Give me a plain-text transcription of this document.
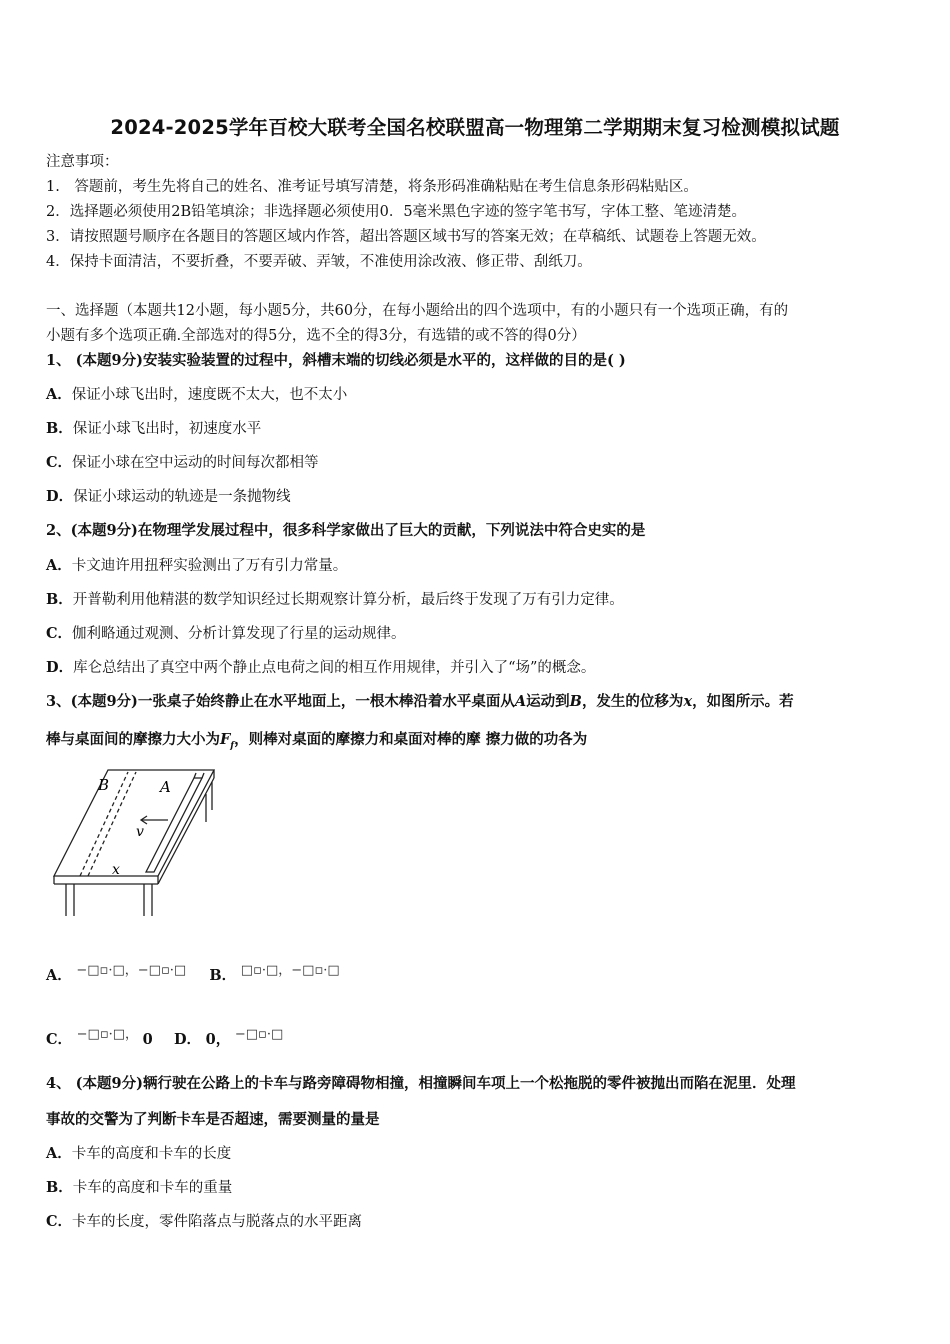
2024-2025学年百校大联考全国名校联盟高一物理第二学期期末复习检测模拟试题
注意事项：
1.　答题前，考生先将自己的姓名、准考证号填写清楚，将条形码准确粘贴在考生信息条形码粘贴区。
2．选择题必须使用2B铅笔填涂；非选择题必须使用0．5毫米黑色字迹的签字笔书写，字体工整、笔迹清楚。
3．请按照题号顺序在各题目的答题区域内作答，超出答题区域书写的答案无效；在草稿纸、试题卷上答题无效。
4．保持卡面清洁，不要折叠，不要弄破、弄皱，不准使用涂改液、修正带、刮纸刀。
一、选择题（本题共12小题，每小题5分，共60分，在每小题给出的四个选项中，有的小题只有一个选项正确，有的
小题有多个选项正确.全部选对的得5分，选不全的得3分，有选错的或不答的得0分）
1、 (本题9分)安装实验装置的过程中，斜槽末端的切线必须是水平的，这样做的目的是( )
A．保证小球飞出时，速度既不太大，也不太小
B．保证小球飞出时，初速度水平
C．保证小球在空中运动的时间每次都相等
D．保证小球运动的轨迹是一条抛物线
2、(本题9分)在物理学发展过程中，很多科学家做出了巨大的贡献，下列说法中符合史实的是
A．卡文迪许用扭秤实验测出了万有引力常量。
B．开普勒利用他精湛的数学知识经过长期观察计算分析，最后终于发现了万有引力定律。
C．伽利略通过观测、分析计算发现了行星的运动规律。
D．库仑总结出了真空中两个静止点电荷之间的相互作用规律，并引入了“场”的概念。
3、(本题9分)一张桌子始终静止在水平地面上，一根木棒沿着水平桌面从A运动到B，发生的位移为x，如图所示。若
棒与桌面间的摩擦力大小为$F_f$，则棒对桌面的摩擦力和桌面对棒的摩 擦力做的功各为
B	A
v
x
A． −□▫·□，−□▫·□ B． □▫·□，−□▫·□
C． −□▫·□， 0 D． 0， −□▫·□
4、 (本题9分)辆行驶在公路上的卡车与路旁障碍物相撞，相撞瞬间车项上一个松拖脱的零件被抛出而陷在泥里．处理
事故的交警为了判断卡车是否超速，需要测量的量是
A．卡车的高度和卡车的长度
B．卡车的高度和卡车的重量
C．卡车的长度，零件陷落点与脱落点的水平距离
